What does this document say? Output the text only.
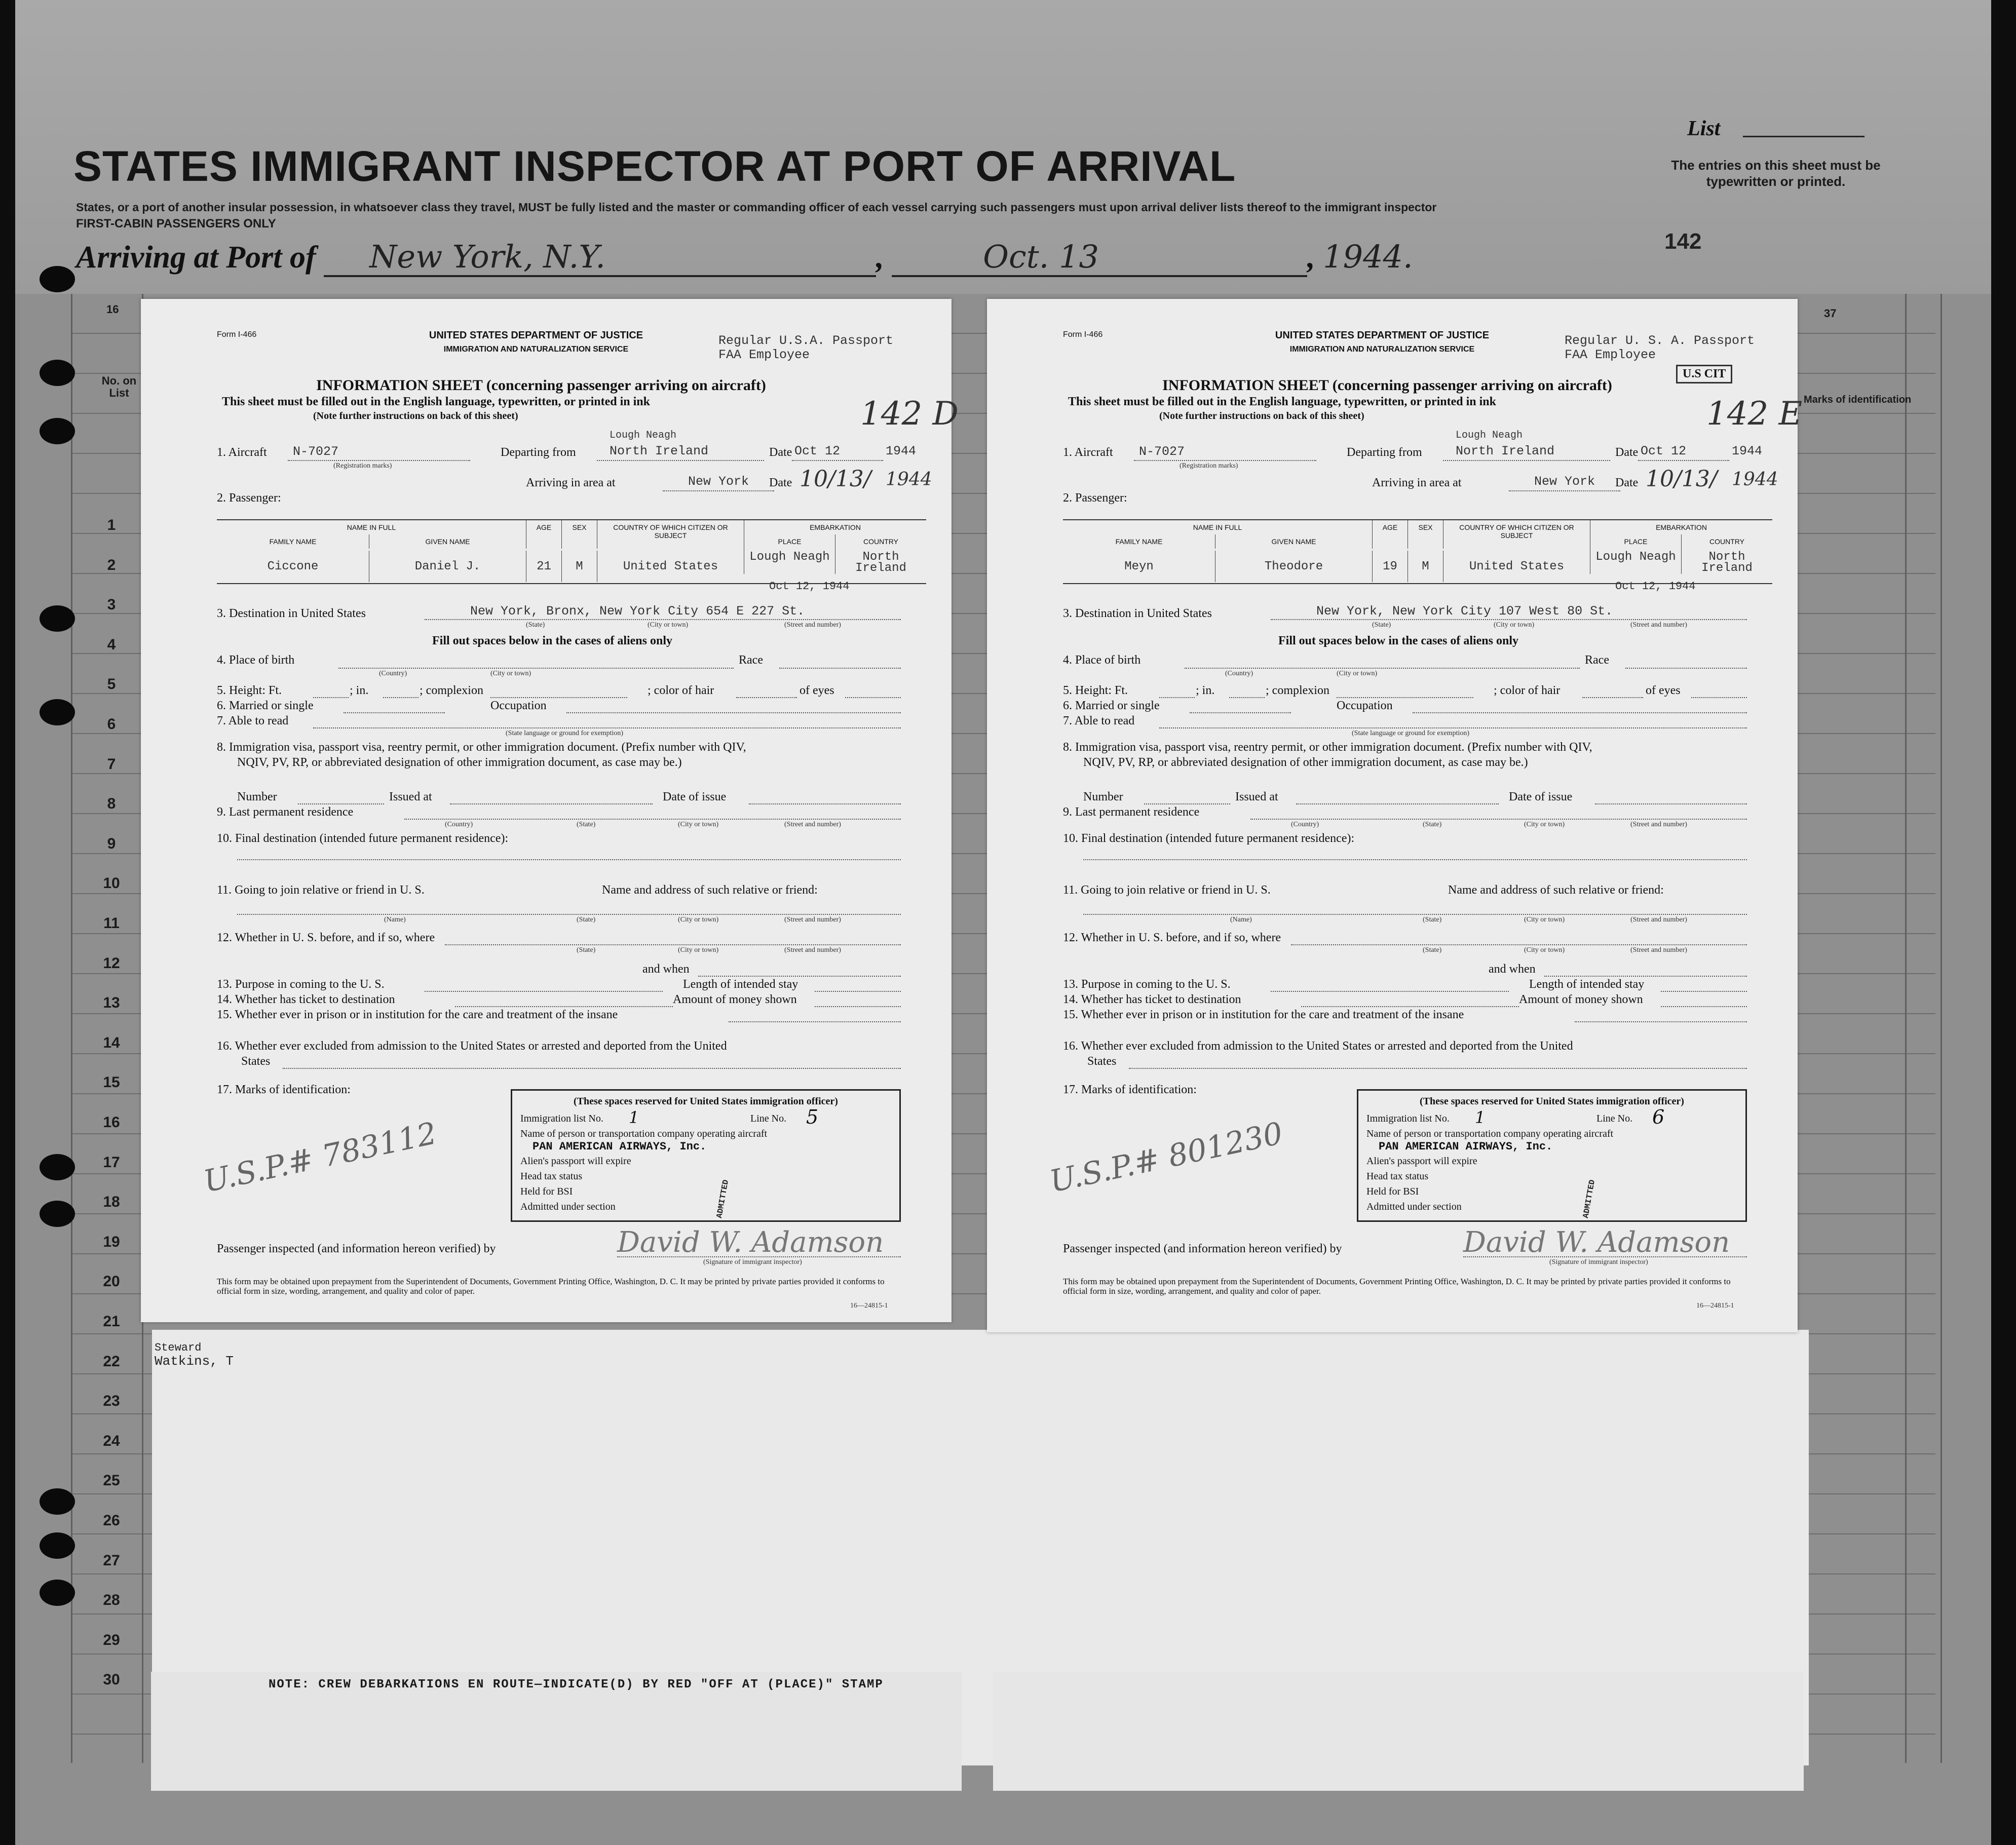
STATES IMMIGRANT INSPECTOR AT PORT OF ARRIVAL
States, or a port of another insular possession, in whatsoever class they travel, MUST be fully listed and the master or commanding officer of each vessel carrying such passengers must upon arrival deliver lists thereof to the immigrant inspector
FIRST-CABIN PASSENGERS ONLY
Arriving at Port of New York, N.Y.	,	Oct. 13	, 1944.
List
The entries on this sheet must be typewritten or printed.
142
16	37
No. on List
Marks of identification
1
2
3
4
5
6
7
8
9
10
11
12
13
14
15
16
17
18
19
20
21
22
23
24
25
26
27
28
29
30	NOTE: CREW DEBARKATIONS EN ROUTE—INDICATE(D) BY RED "OFF AT (PLACE)" STAMP
Steward
Watkins, T
Form I-466	UNITED STATES DEPARTMENT OF JUSTICE
IMMIGRATION AND NATURALIZATION SERVICE
Regular U.S.A. Passport
FAA Employee
INFORMATION SHEET (concerning passenger arriving on aircraft)
This sheet must be filled out in the English language, typewritten, or printed in ink
(Note further instructions on back of this sheet)	142 D
1. Aircraft N-7027
(Registration marks)
Departing from
Lough Neagh
North Ireland	Date Oct 12	1944
Arriving in area at	New York Date 10/13/ 1944
2. Passenger:
NAME IN FULL
FAMILY NAME	GIVEN NAME
AGE	SEX	COUNTRY OF WHICH CITIZEN OR SUBJECT
EMBARKATION
PLACE	COUNTRY
Ciccone	Daniel J.	21	M	United States
Lough Neagh	North Ireland
Oct 12, 1944
3. Destination in United States	New York, Bronx, New York City 654 E 227 St.
(State)	(City or town)	(Street and number)
Fill out spaces below in the cases of aliens only
4. Place of birth	Race
(Country)	(City or town)
5. Height: Ft.	; in.	; complexion	; color of hair	of eyes
6. Married or single	Occupation
7. Able to read
(State language or ground for exemption)
8. Immigration visa, passport visa, reentry permit, or other immigration document. (Prefix number with QIV,
NQIV, PV, RP, or abbreviated designation of other immigration document, as case may be.)
Number	Issued at	Date of issue
9. Last permanent residence
(Country)	(State)	(City or town)	(Street and number)
10. Final destination (intended future permanent residence):
11. Going to join relative or friend in U. S.	Name and address of such relative or friend:
(Name)	(State)	(City or town)	(Street and number)
12. Whether in U. S. before, and if so, where
(State)	(City or town)	(Street and number)
and when
13. Purpose in coming to the U. S.	Length of intended stay
14. Whether has ticket to destination	Amount of money shown
15. Whether ever in prison or in institution for the care and treatment of the insane
16. Whether ever excluded from admission to the United States or arrested and deported from the United
States
17. Marks of identification:
(These spaces reserved for United States immigration officer)
Immigration list No. 1	Line No. 5
Name of person or transportation company operating aircraft
PAN AMERICAN AIRWAYS, Inc.
Alien's passport will expire
Head tax status
Held for BSI
Admitted under section	ADMITTED
U.S.P.# 783112
Passenger inspected (and information hereon verified) by	David W. Adamson
(Signature of immigrant inspector)
This form may be obtained upon prepayment from the Superintendent of Documents, Government Printing Office, Washington, D. C. It may be printed by private parties provided it conforms to official form in size, wording, arrangement, and quality and color of paper.
16—24815-1
Form I-466	UNITED STATES DEPARTMENT OF JUSTICE
IMMIGRATION AND NATURALIZATION SERVICE
Regular U. S. A. Passport
FAA Employee
U.S CIT
INFORMATION SHEET (concerning passenger arriving on aircraft)
This sheet must be filled out in the English language, typewritten, or printed in ink
(Note further instructions on back of this sheet)	142 E
1. Aircraft N-7027
(Registration marks)
Departing from
Lough Neagh
North Ireland	Date Oct 12	1944
Arriving in area at	New York Date 10/13/ 1944
2. Passenger:
NAME IN FULL
FAMILY NAME	GIVEN NAME
AGE	SEX	COUNTRY OF WHICH CITIZEN OR SUBJECT
EMBARKATION
PLACE	COUNTRY
Meyn	Theodore	19	M	United States
Lough Neagh	North Ireland
Oct 12, 1944
3. Destination in United States	New York, New York City 107 West 80 St.
(State)	(City or town)	(Street and number)
Fill out spaces below in the cases of aliens only
4. Place of birth	Race
(Country)	(City or town)
5. Height: Ft.	; in.	; complexion	; color of hair	of eyes
6. Married or single	Occupation
7. Able to read
(State language or ground for exemption)
8. Immigration visa, passport visa, reentry permit, or other immigration document. (Prefix number with QIV,
NQIV, PV, RP, or abbreviated designation of other immigration document, as case may be.)
Number	Issued at	Date of issue
9. Last permanent residence
(Country)	(State)	(City or town)	(Street and number)
10. Final destination (intended future permanent residence):
11. Going to join relative or friend in U. S.	Name and address of such relative or friend:
(Name)	(State)	(City or town)	(Street and number)
12. Whether in U. S. before, and if so, where
(State)	(City or town)	(Street and number)
and when
13. Purpose in coming to the U. S.	Length of intended stay
14. Whether has ticket to destination	Amount of money shown
15. Whether ever in prison or in institution for the care and treatment of the insane
16. Whether ever excluded from admission to the United States or arrested and deported from the United
States
17. Marks of identification:
(These spaces reserved for United States immigration officer)
Immigration list No. 1	Line No. 6
Name of person or transportation company operating aircraft
PAN AMERICAN AIRWAYS, Inc.
Alien's passport will expire
Head tax status
Held for BSI
Admitted under section	ADMITTED
U.S.P.# 801230
Passenger inspected (and information hereon verified) by	David W. Adamson
(Signature of immigrant inspector)
This form may be obtained upon prepayment from the Superintendent of Documents, Government Printing Office, Washington, D. C. It may be printed by private parties provided it conforms to official form in size, wording, arrangement, and quality and color of paper.
16—24815-1
